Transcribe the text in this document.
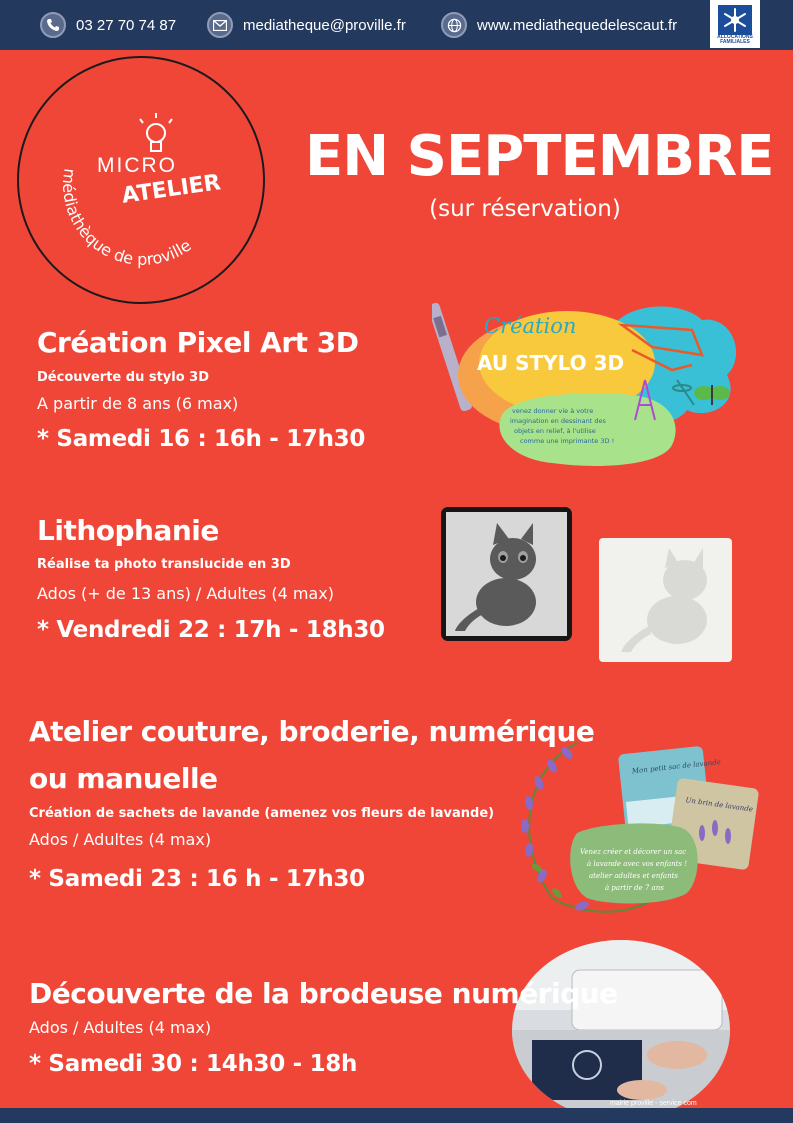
03 27 70 74 87	mediatheque@proville.fr	www.mediathequedelescaut.fr
ALLOCATIONS FAMILIALES
MICRO
ATELIER
médiathèque de proville
EN SEPTEMBRE
(sur réservation)
Création Pixel Art 3D
Découverte du stylo 3D
A partir de 8 ans (6 max)
* Samedi 16 : 16h - 17h30
Création
AU STYLO 3D
venez donner vie à votre
imagination en dessinant des
objets en relief, à l'utilise
comme une imprimante 3D !
Lithophanie
Réalise ta photo translucide en 3D
Ados (+ de 13 ans) / Adultes (4 max)
* Vendredi 22 : 17h - 18h30
Atelier couture, broderie, numérique
ou manuelle
Création de sachets de lavande (amenez vos fleurs de lavande)
Ados / Adultes (4 max)
* Samedi 23 : 16 h - 17h30
Mon petit sac de lavande
Un brin de lavande
Venez créer et décorer un sac
à lavande avec vos enfants !
atelier adultes et enfants
à partir de 7 ans
Découverte de la brodeuse numérique
Ados / Adultes (4 max)
* Samedi 30 : 14h30 - 18h
mairie proville - service com
